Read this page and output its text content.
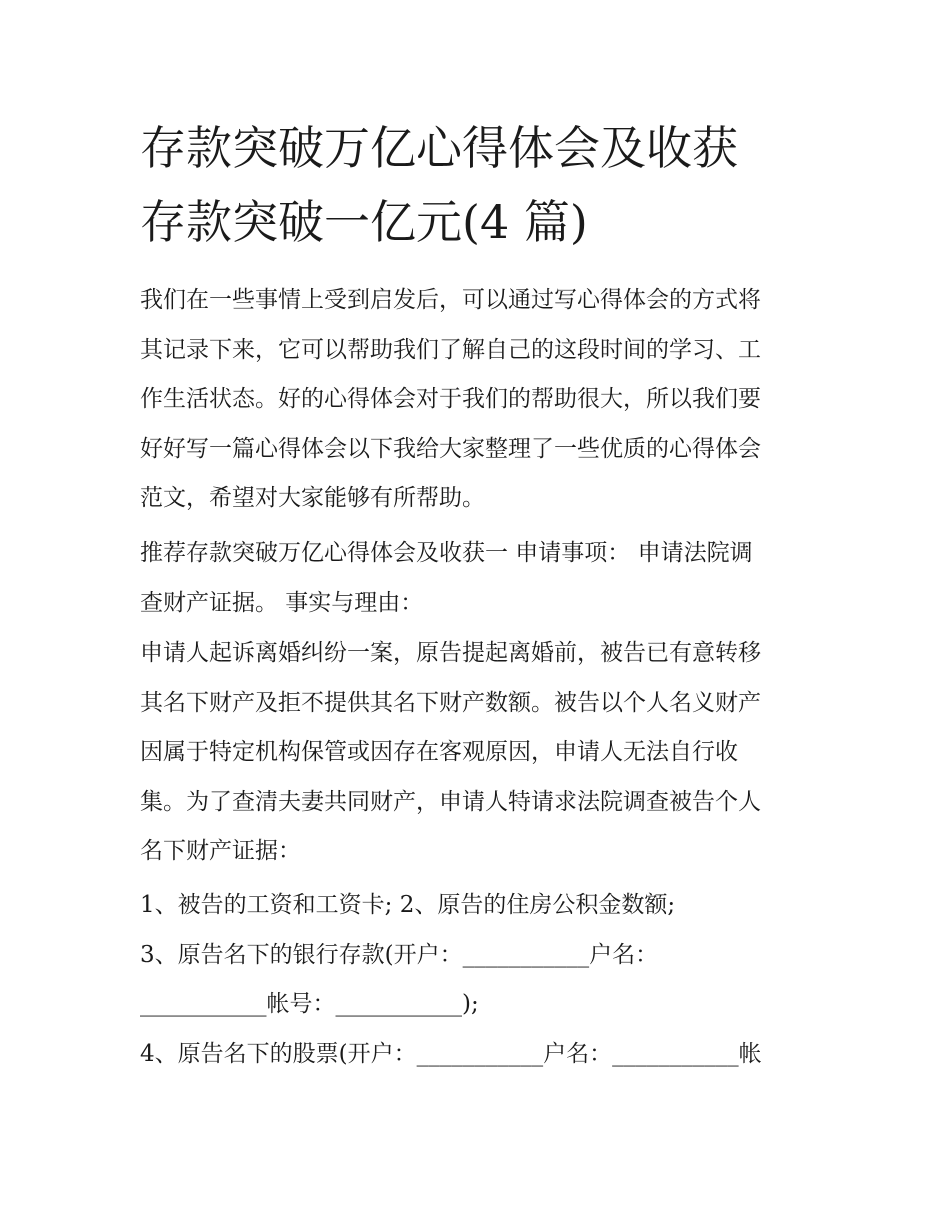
存款突破万亿心得体会及收获
存款突破一亿元(4 篇)
我们在一些事情上受到启发后，可以通过写心得体会的方式将
其记录下来，它可以帮助我们了解自己的这段时间的学习、工
作生活状态。好的心得体会对于我们的帮助很大，所以我们要
好好写一篇心得体会以下我给大家整理了一些优质的心得体会
范文，希望对大家能够有所帮助。
推荐存款突破万亿心得体会及收获一 申请事项： 申请法院调
查财产证据。 事实与理由：
申请人起诉离婚纠纷一案，原告提起离婚前，被告已有意转移
其名下财产及拒不提供其名下财产数额。被告以个人名义财产
因属于特定机构保管或因存在客观原因，申请人无法自行收
集。为了查清夫妻共同财产，申请人特请求法院调查被告个人
名下财产证据：
1、被告的工资和工资卡; 2、原告的住房公积金数额;
3、原告名下的银行存款(开户：___________户名：
___________帐号：___________);
4、原告名下的股票(开户：___________户名：___________帐
